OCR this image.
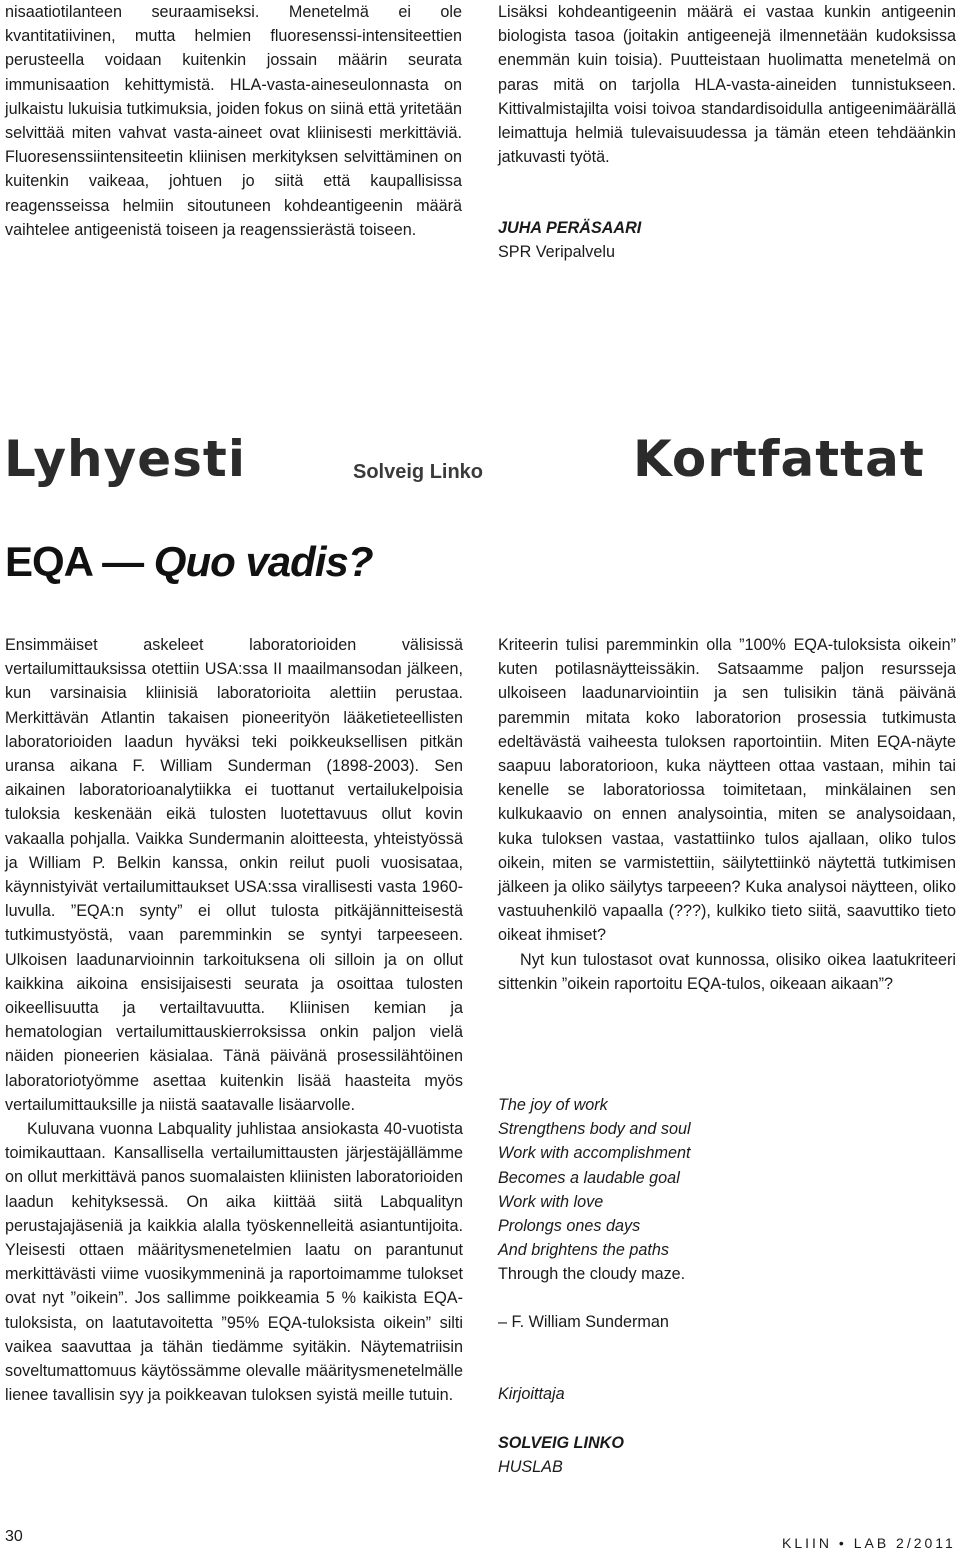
nisaatiotilanteen seuraamiseksi. Menetelmä ei ole kvantitatiivinen, mutta helmien fluoresenssi-intensiteettien perusteella voidaan kuitenkin jossain määrin seurata immunisaation kehittymistä. HLA-vasta-aineseulonnasta on julkaistu lukuisia tutkimuksia, joiden fokus on siinä että yritetään selvittää miten vahvat vasta-aineet ovat kliinisesti merkittäviä. Fluoresenssiintensiteetin kliinisen merkityksen selvittäminen on kuitenkin vaikeaa, johtuen jo siitä että kaupallisissa reagensseissa helmiin sitoutuneen kohdeantigeenin määrä vaihtelee antigeenistä toiseen ja reagenssierästä toiseen.

Lisäksi kohdeantigeenin määrä ei vastaa kunkin antigeenin biologista tasoa (joitakin antigeenejä ilmennetään kudoksissa enemmän kuin toisia). Puutteistaan huolimatta menetelmä on paras mitä on tarjolla HLA-vasta-aineiden tunnistukseen. Kittivalmistajilta voisi toivoa standardisoidulla antigeenimäärällä leimattuja helmiä tulevaisuudessa ja tämän eteen tehdäänkin jatkuvasti työtä.

JUHA PERÄSAARI
SPR Veripalvelu
Lyhyesti	Solveig Linko	Kortfattat
EQA — Quo vadis?

Ensimmäiset askeleet laboratorioiden välisissä vertailumittauksissa otettiin USA:ssa II maailmansodan jälkeen, kun varsinaisia kliinisiä laboratorioita alettiin perustaa. Merkittävän Atlantin takaisen pioneerityön lääketieteellisten laboratorioiden laadun hyväksi teki poikkeuksellisen pitkän uransa aikana F. William Sunderman (1898-2003). Sen aikainen laboratorioanalytiikka ei tuottanut vertailukelpoisia tuloksia keskenään eikä tulosten luotettavuus ollut kovin vakaalla pohjalla. Vaikka Sundermanin aloitteesta, yhteistyössä ja William P. Belkin kanssa, onkin reilut puoli vuosisataa, käynnistyivät vertailumittaukset USA:ssa virallisesti vasta 1960-luvulla. ”EQA:n synty” ei ollut tulosta pitkäjännitteisestä tutkimustyöstä, vaan paremminkin se syntyi tarpeeseen. Ulkoisen laadunarvioinnin tarkoituksena oli silloin ja on ollut kaikkina aikoina ensisijaisesti seurata ja osoittaa tulosten oikeellisuutta ja vertailtavuutta. Kliinisen kemian ja hematologian vertailumittauskierroksissa onkin paljon vielä näiden pioneerien käsialaa. Tänä päivänä prosessilähtöinen laboratoriotyömme asettaa kuitenkin lisää haasteita myös vertailumittauksille ja niistä saatavalle lisäarvolle.

Kuluvana vuonna Labquality juhlistaa ansiokasta 40-vuotista toimikauttaan. Kansallisella vertailumittausten järjestäjällämme on ollut merkittävä panos suomalaisten kliinisten laboratorioiden laadun kehityksessä. On aika kiittää siitä Labqualityn perustajajäseniä ja kaikkia alalla työskennelleitä asiantuntijoita. Yleisesti ottaen määritysmenetelmien laatu on parantunut merkittävästi viime vuosikymmeninä ja raportoimamme tulokset ovat nyt ”oikein”. Jos sallimme poikkeamia 5 % kaikista EQA-tuloksista, on laatutavoitetta ”95% EQA-tuloksista oikein” silti vaikea saavuttaa ja tähän tiedämme syitäkin. Näytematriisin soveltumattomuus käytössämme olevalle määritysmenetelmälle lienee tavallisin syy ja poikkeavan tuloksen syistä meille tutuin.

Kriteerin tulisi paremminkin olla ”100% EQA-tuloksista oikein” kuten potilasnäytteissäkin. Satsaamme paljon resursseja ulkoiseen laadunarviointiin ja sen tulisikin tänä päivänä paremmin mitata koko laboratorion prosessia tutkimusta edeltävästä vaiheesta tuloksen raportointiin. Miten EQA-näyte saapuu laboratorioon, kuka näytteen ottaa vastaan, mihin tai kenelle se laboratoriossa toimitetaan, minkälainen sen kulkukaavio on ennen analysointia, miten se analysoidaan, kuka tuloksen vastaa, vastattiinko tulos ajallaan, oliko tulos oikein, miten se varmistettiin, säilytettiinkö näytettä tutkimisen jälkeen ja oliko säilytys tarpeeen? Kuka analysoi näytteen, oliko vastuuhenkilö vapaalla (???), kulkiko tieto siitä, saavuttiko tieto oikeat ihmiset?

Nyt kun tulostasot ovat kunnossa, olisiko oikea laatukriteeri sittenkin ”oikein raportoitu EQA-tulos, oikeaan aikaan”?

The joy of work
Strengthens body and soul
Work with accomplishment
Becomes a laudable goal
Work with love
Prolongs ones days
And brightens the paths
Through the cloudy maze.
– F. William Sunderman
Kirjoittaja
SOLVEIG LINKO
HUSLAB
30	KLIIN • LAB 2/2011
